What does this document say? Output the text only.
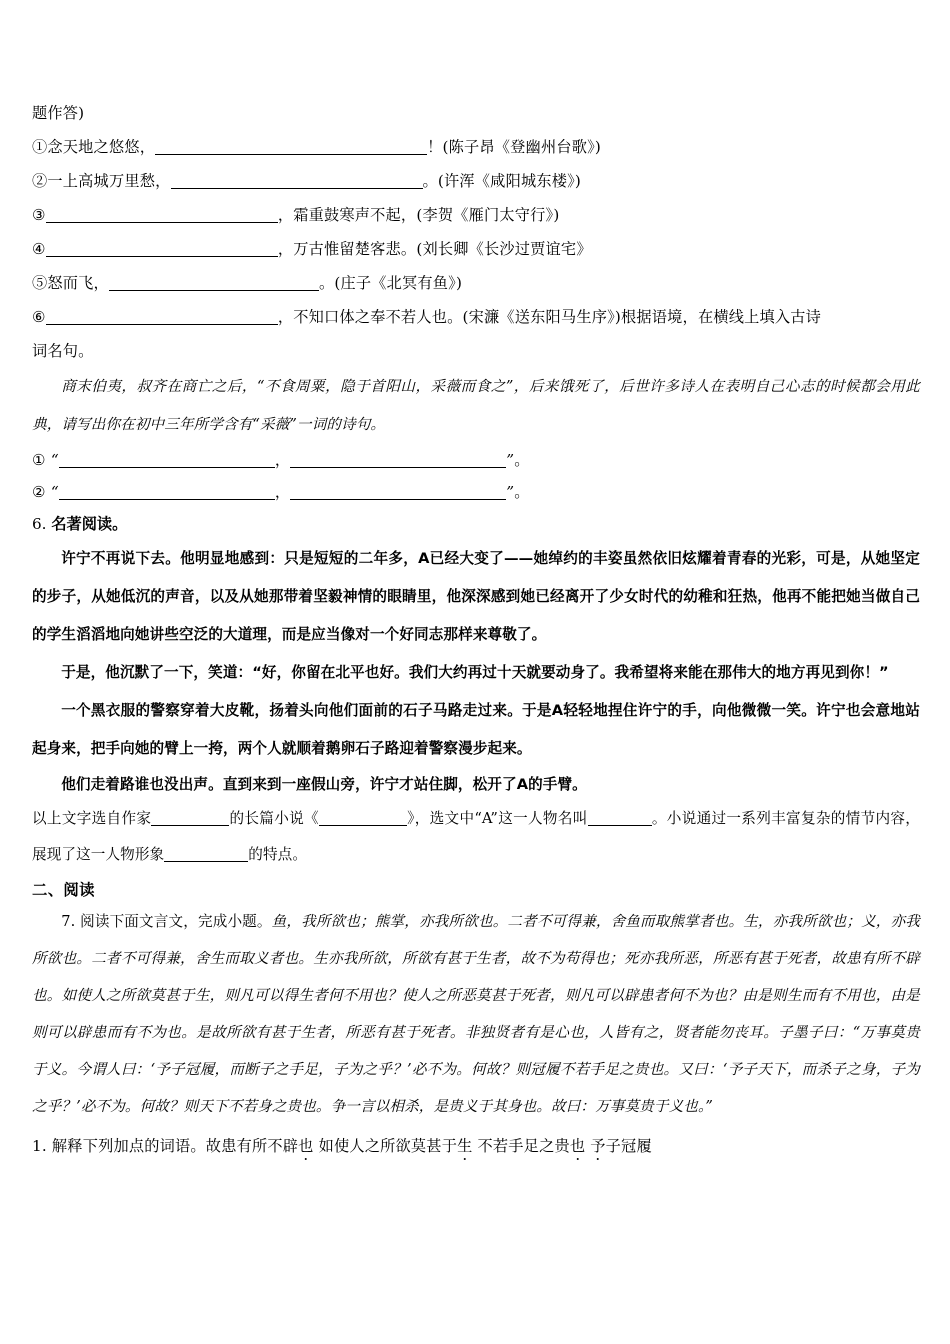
题作答)
①念天地之悠悠，	！(陈子昂《登幽州台歌》)
②一上高城万里愁，	。(许浑《咸阳城东楼》)
③	，霜重鼓寒声不起，(李贺《雁门太守行》)
④	，万古惟留楚客悲。(刘长卿《长沙过贾谊宅》
⑤怒而飞，	。(庄子《北冥有鱼》)
⑥	，不知口体之奉不若人也。(宋濂《送东阳马生序》)根据语境，在横线上填入古诗
词名句。
商末伯夷，叔齐在商亡之后，“不食周粟，隐于首阳山，采薇而食之”，后来饿死了，后世许多诗人在表明自己心志的时候都会用此典，请写出你在初中三年所学含有“采薇”一词的诗句。
① “	，	”。
② “	，	”。
6. 名著阅读。
许宁不再说下去。他明显地感到：只是短短的二年多，A已经大变了——她绰约的丰姿虽然依旧炫耀着青春的光彩，可是，从她坚定的步子，从她低沉的声音，以及从她那带着坚毅神情的眼睛里，他深深感到她已经离开了少女时代的幼稚和狂热，他再不能把她当做自己的学生滔滔地向她讲些空泛的大道理，而是应当像对一个好同志那样来尊敬了。
于是，他沉默了一下，笑道：“好，你留在北平也好。我们大约再过十天就要动身了。我希望将来能在那伟大的地方再见到你！”
一个黑衣服的警察穿着大皮靴，扬着头向他们面前的石子马路走过来。于是A轻轻地捏住许宁的手，向他微微一笑。许宁也会意地站起身来，把手向她的臂上一挎，两个人就顺着鹅卵石子路迎着警察漫步起来。
他们走着路谁也没出声。直到来到一座假山旁，许宁才站住脚，松开了A的手臂。
以上文字选自作家	的长篇小说《	》，选文中“A”这一人物名叫	。小说通过一系列丰富复杂的情节内容，展现了这一人物形象	的特点。
二、阅读
7. 阅读下面文言文，完成小题。鱼，我所欲也；熊掌，亦我所欲也。二者不可得兼，舍鱼而取熊掌者也。生，亦我所欲也；义，亦我所欲也。二者不可得兼，舍生而取义者也。生亦我所欲，所欲有甚于生者，故不为苟得也；死亦我所恶，所恶有甚于死者，故患有所不辟也。如使人之所欲莫甚于生，则凡可以得生者何不用也？使人之所恶莫甚于死者，则凡可以辟患者何不为也？由是则生而有不用也，由是则可以辟患而有不为也。是故所欲有甚于生者，所恶有甚于死者。非独贤者有是心也，人皆有之，贤者能勿丧耳。子墨子曰：“万事莫贵于义。今谓人曰：‘予子冠履，而断子之手足，子为之乎？’必不为。何故？则冠履不若手足之贵也。又曰：‘予子天下，而杀子之身，子为之乎？’必不为。何故？则天下不若身之贵也。争一言以相杀，是贵义于其身也。故曰：万事莫贵于义也。”
1. 解释下列加点的词语。故患有所不辟也 如使人之所欲莫甚于生 不若手足之贵也 予子冠履
